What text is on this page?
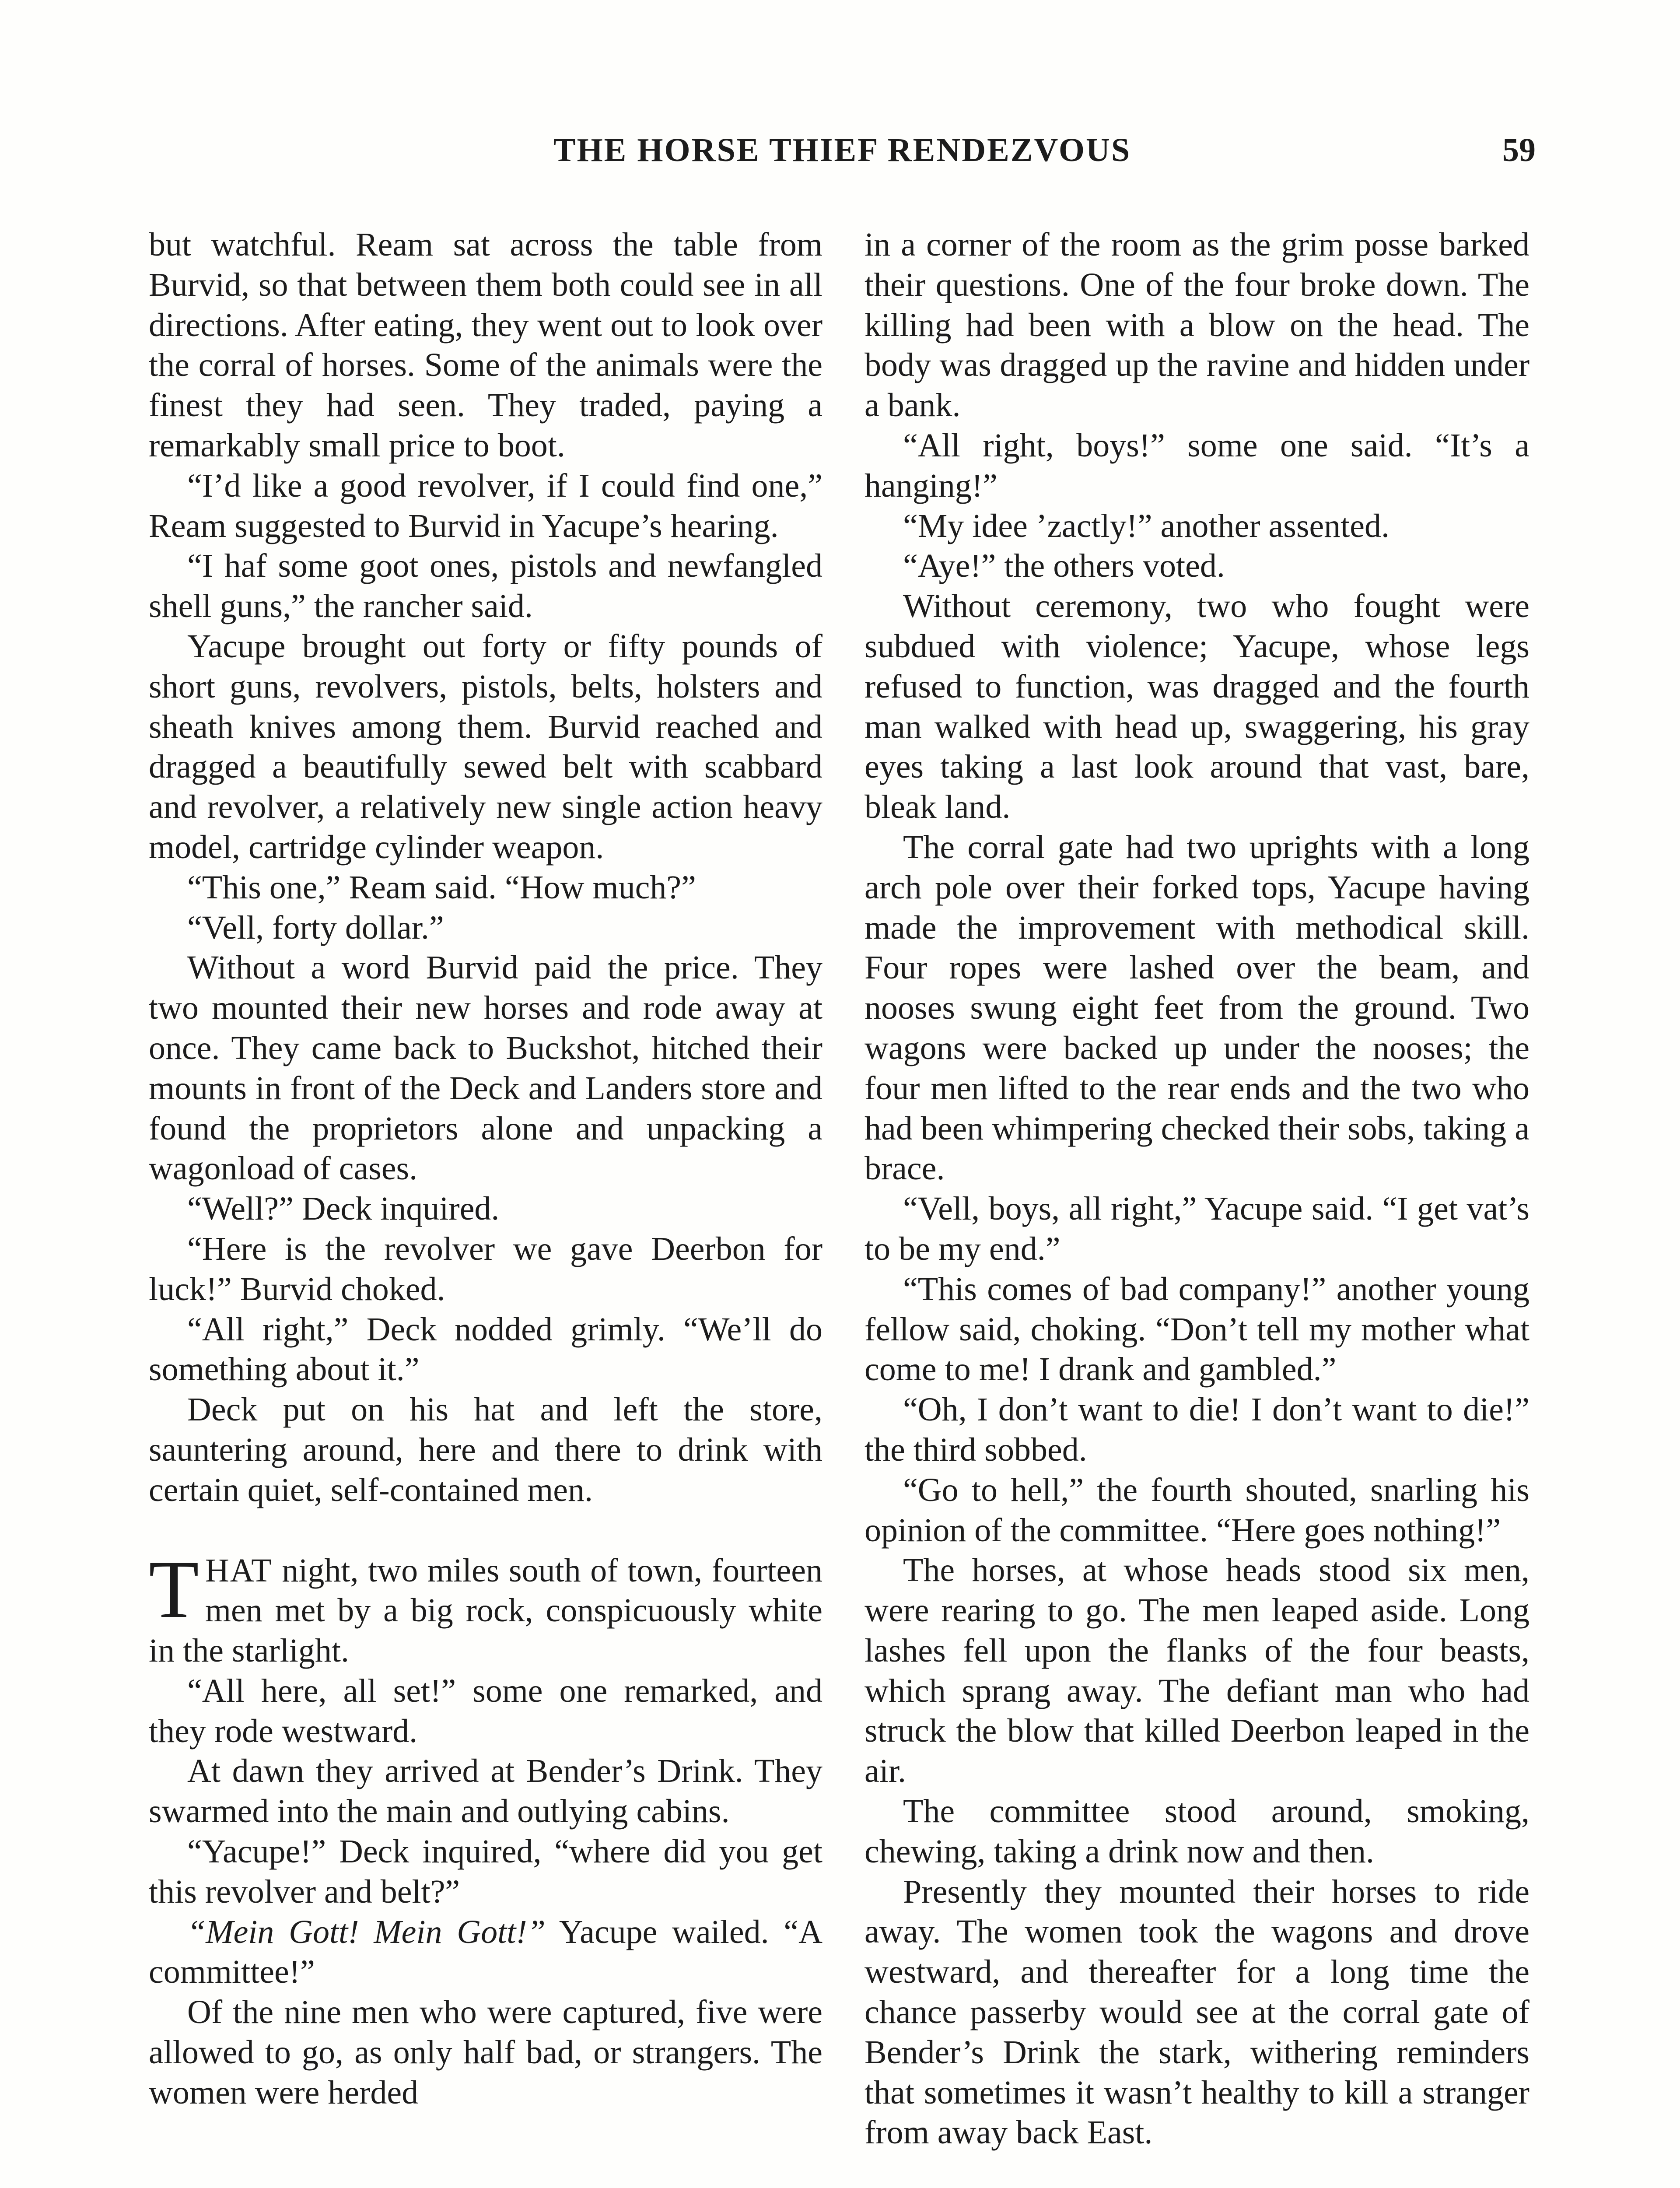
THE HORSE THIEF RENDEZVOUS	59

but watchful. Ream sat across the table from Burvid, so that between them both could see in all directions. After eating, they went out to look over the corral of horses. Some of the animals were the finest they had seen. They traded, paying a remarkably small price to boot.

“I’d like a good revolver, if I could find one,” Ream suggested to Burvid in Yacupe’s hearing.

“I haf some goot ones, pistols and newfangled shell guns,” the rancher said.

Yacupe brought out forty or fifty pounds of short guns, revolvers, pistols, belts, holsters and sheath knives among them. Burvid reached and dragged a beautifully sewed belt with scabbard and revolver, a relatively new single action heavy model, cartridge cylinder weapon.

“This one,” Ream said. “How much?”

“Vell, forty dollar.”

Without a word Burvid paid the price. They two mounted their new horses and rode away at once. They came back to Buckshot, hitched their mounts in front of the Deck and Landers store and found the proprietors alone and unpacking a wagonload of cases.

“Well?” Deck inquired.

“Here is the revolver we gave Deerbon for luck!” Burvid choked.

“All right,” Deck nodded grimly. “We’ll do something about it.”

Deck put on his hat and left the store, sauntering around, here and there to drink with certain quiet, self-contained men.

THAT night, two miles south of town, fourteen men met by a big rock, conspicuously white in the starlight.

“All here, all set!” some one remarked, and they rode westward.

At dawn they arrived at Bender’s Drink. They swarmed into the main and outlying cabins.

“Yacupe!” Deck inquired, “where did you get this revolver and belt?”

“Mein Gott! Mein Gott!” Yacupe wailed. “A committee!”

Of the nine men who were captured, five were allowed to go, as only half bad, or strangers. The women were herded

in a corner of the room as the grim posse barked their questions. One of the four broke down. The killing had been with a blow on the head. The body was dragged up the ravine and hidden under a bank.

“All right, boys!” some one said. “It’s a hanging!”

“My idee ’zactly!” another assented.

“Aye!” the others voted.

Without ceremony, two who fought were subdued with violence; Yacupe, whose legs refused to function, was dragged and the fourth man walked with head up, swaggering, his gray eyes taking a last look around that vast, bare, bleak land.

The corral gate had two uprights with a long arch pole over their forked tops, Yacupe having made the improvement with methodical skill. Four ropes were lashed over the beam, and nooses swung eight feet from the ground. Two wagons were backed up under the nooses; the four men lifted to the rear ends and the two who had been whimpering checked their sobs, taking a brace.

“Vell, boys, all right,” Yacupe said. “I get vat’s to be my end.”

“This comes of bad company!” another young fellow said, choking. “Don’t tell my mother what come to me! I drank and gambled.”

“Oh, I don’t want to die! I don’t want to die!” the third sobbed.

“Go to hell,” the fourth shouted, snarling his opinion of the committee. “Here goes nothing!”

The horses, at whose heads stood six men, were rearing to go. The men leaped aside. Long lashes fell upon the flanks of the four beasts, which sprang away. The defiant man who had struck the blow that killed Deerbon leaped in the air.

The committee stood around, smoking, chewing, taking a drink now and then.

Presently they mounted their horses to ride away. The women took the wagons and drove westward, and thereafter for a long time the chance passerby would see at the corral gate of Bender’s Drink the stark, withering reminders that sometimes it wasn’t healthy to kill a stranger from away back East.
